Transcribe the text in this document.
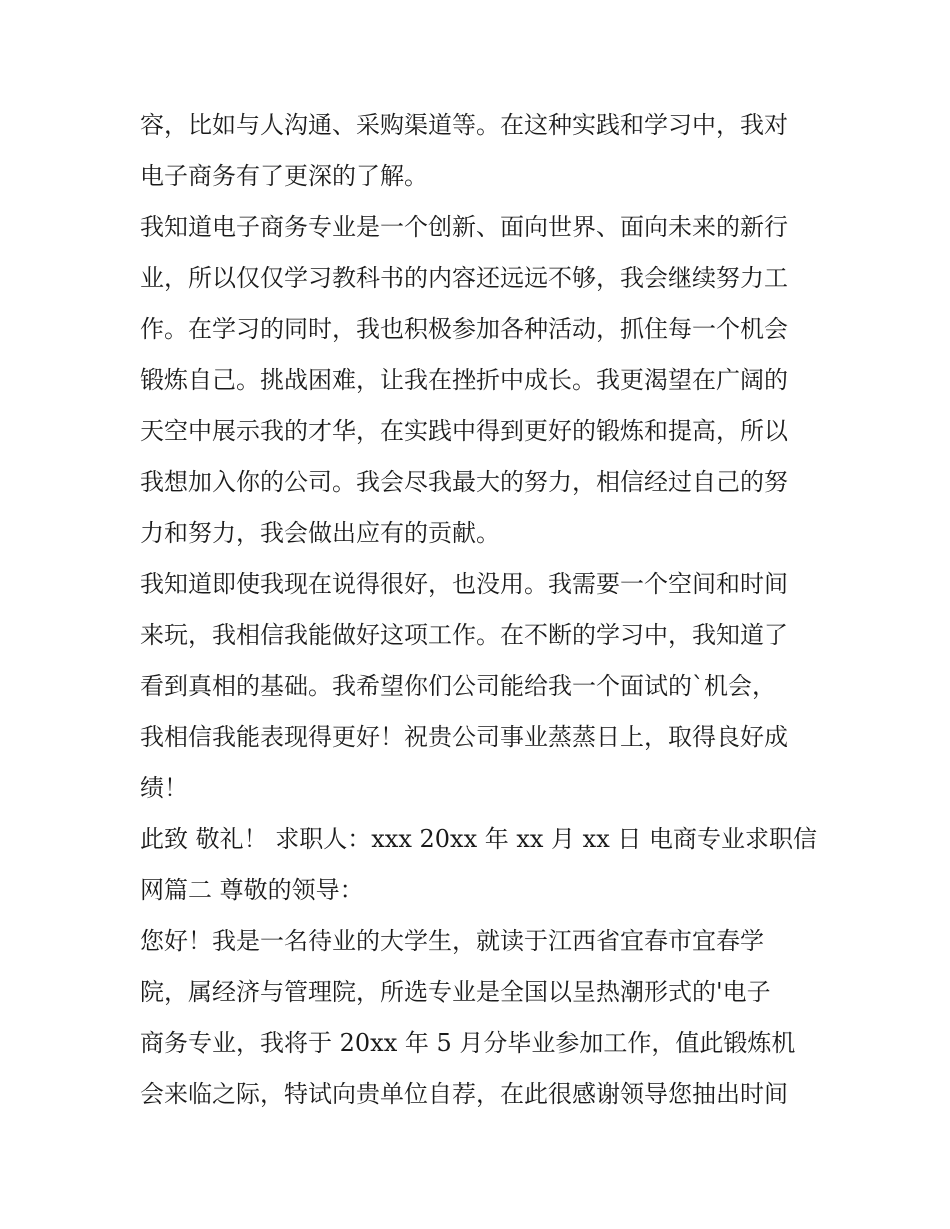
容，比如与人沟通、采购渠道等。在这种实践和学习中，我对
电子商务有了更深的了解。
我知道电子商务专业是一个创新、面向世界、面向未来的新行
业，所以仅仅学习教科书的内容还远远不够，我会继续努力工
作。在学习的同时，我也积极参加各种活动，抓住每一个机会
锻炼自己。挑战困难，让我在挫折中成长。我更渴望在广阔的
天空中展示我的才华，在实践中得到更好的锻炼和提高，所以
我想加入你的公司。我会尽我最大的努力，相信经过自己的努
力和努力，我会做出应有的贡献。
我知道即使我现在说得很好，也没用。我需要一个空间和时间
来玩，我相信我能做好这项工作。在不断的学习中，我知道了
看到真相的基础。我希望你们公司能给我一个面试的`机会，
我相信我能表现得更好！祝贵公司事业蒸蒸日上，取得良好成
绩！
此致 敬礼！ 求职人：xxx 20xx 年 xx 月 xx 日 电商专业求职信
网篇二 尊敬的领导：
您好！我是一名待业的大学生，就读于江西省宜春市宜春学
院，属经济与管理院，所选专业是全国以呈热潮形式的'电子
商务专业，我将于 20xx 年 5 月分毕业参加工作，值此锻炼机
会来临之际，特试向贵单位自荐，在此很感谢领导您抽出时间
